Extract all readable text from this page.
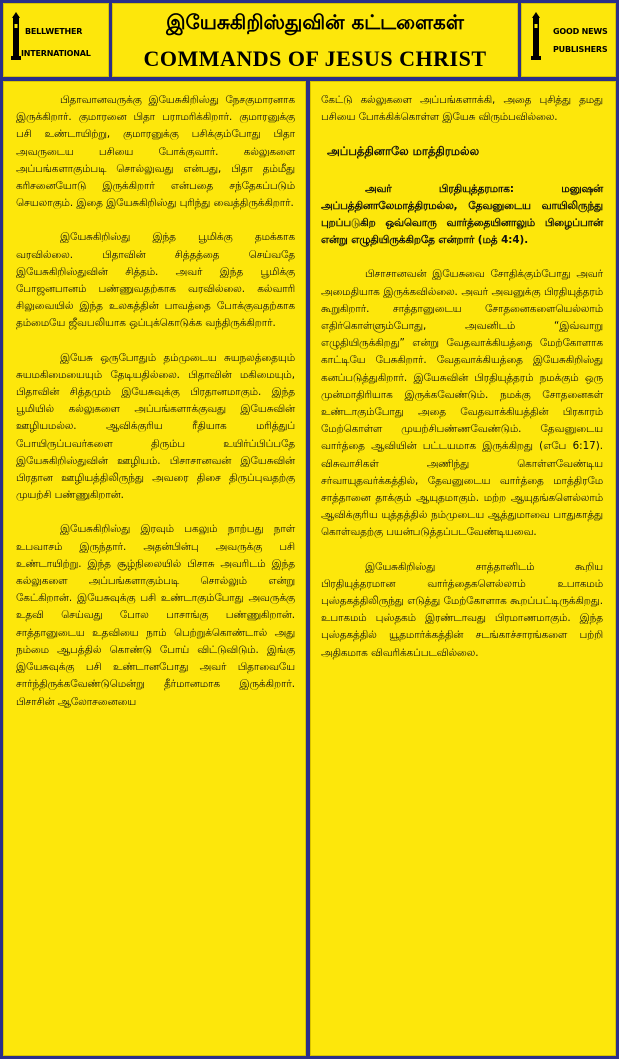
BELLWETHER
INTERNATIONAL
இயேசுகிறிஸ்துவின் கட்டளைகள்
COMMANDS OF JESUS CHRIST
GOOD NEWS
PUBLISHERS

பிதாவானவருக்கு இயேசுகிறிஸ்து நேசகுமாரனாக இருக்கிறார். குமாரனை பிதா பராமரிக்கிறார். குமாரனுக்கு பசி உண்டாயிற்று, குமாரனுக்கு பசிக்கும்போது பிதா அவருடைய பசியை போக்குவார். கல்லுகளை அப்பங்களாகும்படி சொல்லுவது என்பது, பிதா தம்மீது கரிசனையோடு இருக்கிறார் என்பதை சந்தேகப்படும் செயலாகும். இதை இயேசுகிறிஸ்து புரிந்து வைத்திருக்கிறார்.

இயேசுகிறிஸ்து இந்த பூமிக்கு தமக்காக வரவில்லை. பிதாவின் சித்தத்தை செய்வதே இயேசுகிறிஸ்துவின் சித்தம். அவர் இந்த பூமிக்கு போஜனபானம் பண்ணுவதற்காக வரவில்லை. கல்வாரி சிலுவையில் இந்த உலகத்தின் பாவத்தை போக்குவதற்காக தம்மையே ஜீவபலியாக ஒப்புக்கொடுக்க வந்திருக்கிறார்.

இயேசு ஒருபோதும் தம்முடைய சுயநலத்தையும் சுயமகிமையையும் தேடியதில்லை. பிதாவின் மகிமையும், பிதாவின் சித்தமும் இயேசுவுக்கு பிரதானமாகும். இந்த பூமியில் கல்லுகளை அப்பங்களாக்குவது இயேசுவின் ஊழியமல்ல. ஆவிக்குரிய ரீதியாக மரித்துப் போயிருப்பவர்களை திரும்ப உயிர்ப்பிப்பதே இயேசுகிறிஸ்துவின் ஊழியம். பிசாசானவன் இயேசுவின் பிரதான ஊழியத்திலிருந்து அவரை திசை திருப்புவதற்கு முயற்சி பண்ணுகிறான்.

இயேசுகிறிஸ்து இரவும் பகலும் நாற்பது நாள் உபவாசம் இருந்தார். அதன்பின்பு அவருக்கு பசி உண்டாயிற்று. இந்த சூழ்நிலையில் பிசாசு அவரிடம் இந்த கல்லுகளை அப்பங்களாகும்படி சொல்லும் என்று கேட்கிறான். இயேசுவுக்கு பசி உண்டாகும்போது அவருக்கு உதவி செய்வது போல பாசாங்கு பண்ணுகிறான். சாத்தானுடைய உதவியை நாம் பெற்றுக்கொண்டால் அது நம்மை ஆபத்தில் கொண்டு போய் விட்டுவிடும். இங்கு இயேசுவுக்கு பசி உண்டானபோது அவர் பிதாவையே சார்ந்திருக்கவேண்டுமென்று தீர்மானமாக இருக்கிறார். பிசாசின் ஆலோசனையை

கேட்டு கல்லுகளை அப்பங்களாக்கி, அதை புசித்து தமது பசியை போக்கிக்கொள்ள இயேசு விரும்பவில்லை.

அப்பத்தினாலே மாத்திரமல்ல

அவர் பிரதியுத்தரமாக: மனுஷன் அப்பத்தினாலேமாத்திரமல்ல, தேவனுடைய வாயிலிருந்து புறப்படுகிற ஒவ்வொரு வார்த்தையினாலும் பிழைப்பான் என்று எழுதியிருக்கிறதே என்றார் (மத் 4:4).

பிசாசானவன் இயேசுவை சோதிக்கும்போது அவர் அமைதியாக இருக்கவில்லை. அவர் அவனுக்கு பிரதியுத்தரம் கூறுகிறார். சாத்தானுடைய சோதனைகளையெல்லாம் எதிர்கொள்ளும்போது, அவனிடம் “இவ்வாறு எழுதியிருக்கிறது” என்று வேதவாக்கியத்தை மேற்கோளாக காட்டியே பேசுகிறார். வேதவாக்கியத்தை இயேசுகிறிஸ்து கனப்படுத்துகிறார். இயேசுவின் பிரதியுத்தரம் நமக்கும் ஒரு முன்மாதிரியாக இருக்கவேண்டும். நமக்கு சோதனைகள் உண்டாகும்போது அதை வேதவாக்கியத்தின் பிரகாரம் மேற்கொள்ள முயற்சிபண்ணவேண்டும். தேவனுடைய வார்த்தை ஆவியின் பட்டயமாக இருக்கிறது (எபே 6:17). விசுவாசிகள் அணிந்து கொள்ளவேண்டிய சர்வாயுதவர்க்கத்தில், தேவனுடைய வார்த்தை மாத்திரமே சாத்தானை தாக்கும் ஆயுதமாகும். மற்ற ஆயுதங்களெல்லாம் ஆவிக்குரிய யுத்தத்தில் நம்முடைய ஆத்துமாவை பாதுகாத்து கொள்வதற்கு பயன்படுத்தப்படவேண்டியவை.

இயேசுகிறிஸ்து சாத்தானிடம் கூறிய பிரதியுத்தரமான வார்த்தைகளெல்லாம் உபாகமம் புஸ்தகத்திலிருந்து எடுத்து மேற்கோளாக கூறப்பட்டிருக்கிறது. உபாகமம் புஸ்தகம் இரண்டாவது பிரமாணமாகும். இந்த புஸ்தகத்தில் யூதமார்க்கத்தின் சடங்காச்சாரங்களை பற்றி அதிகமாக விவரிக்கப்படவில்லை.
